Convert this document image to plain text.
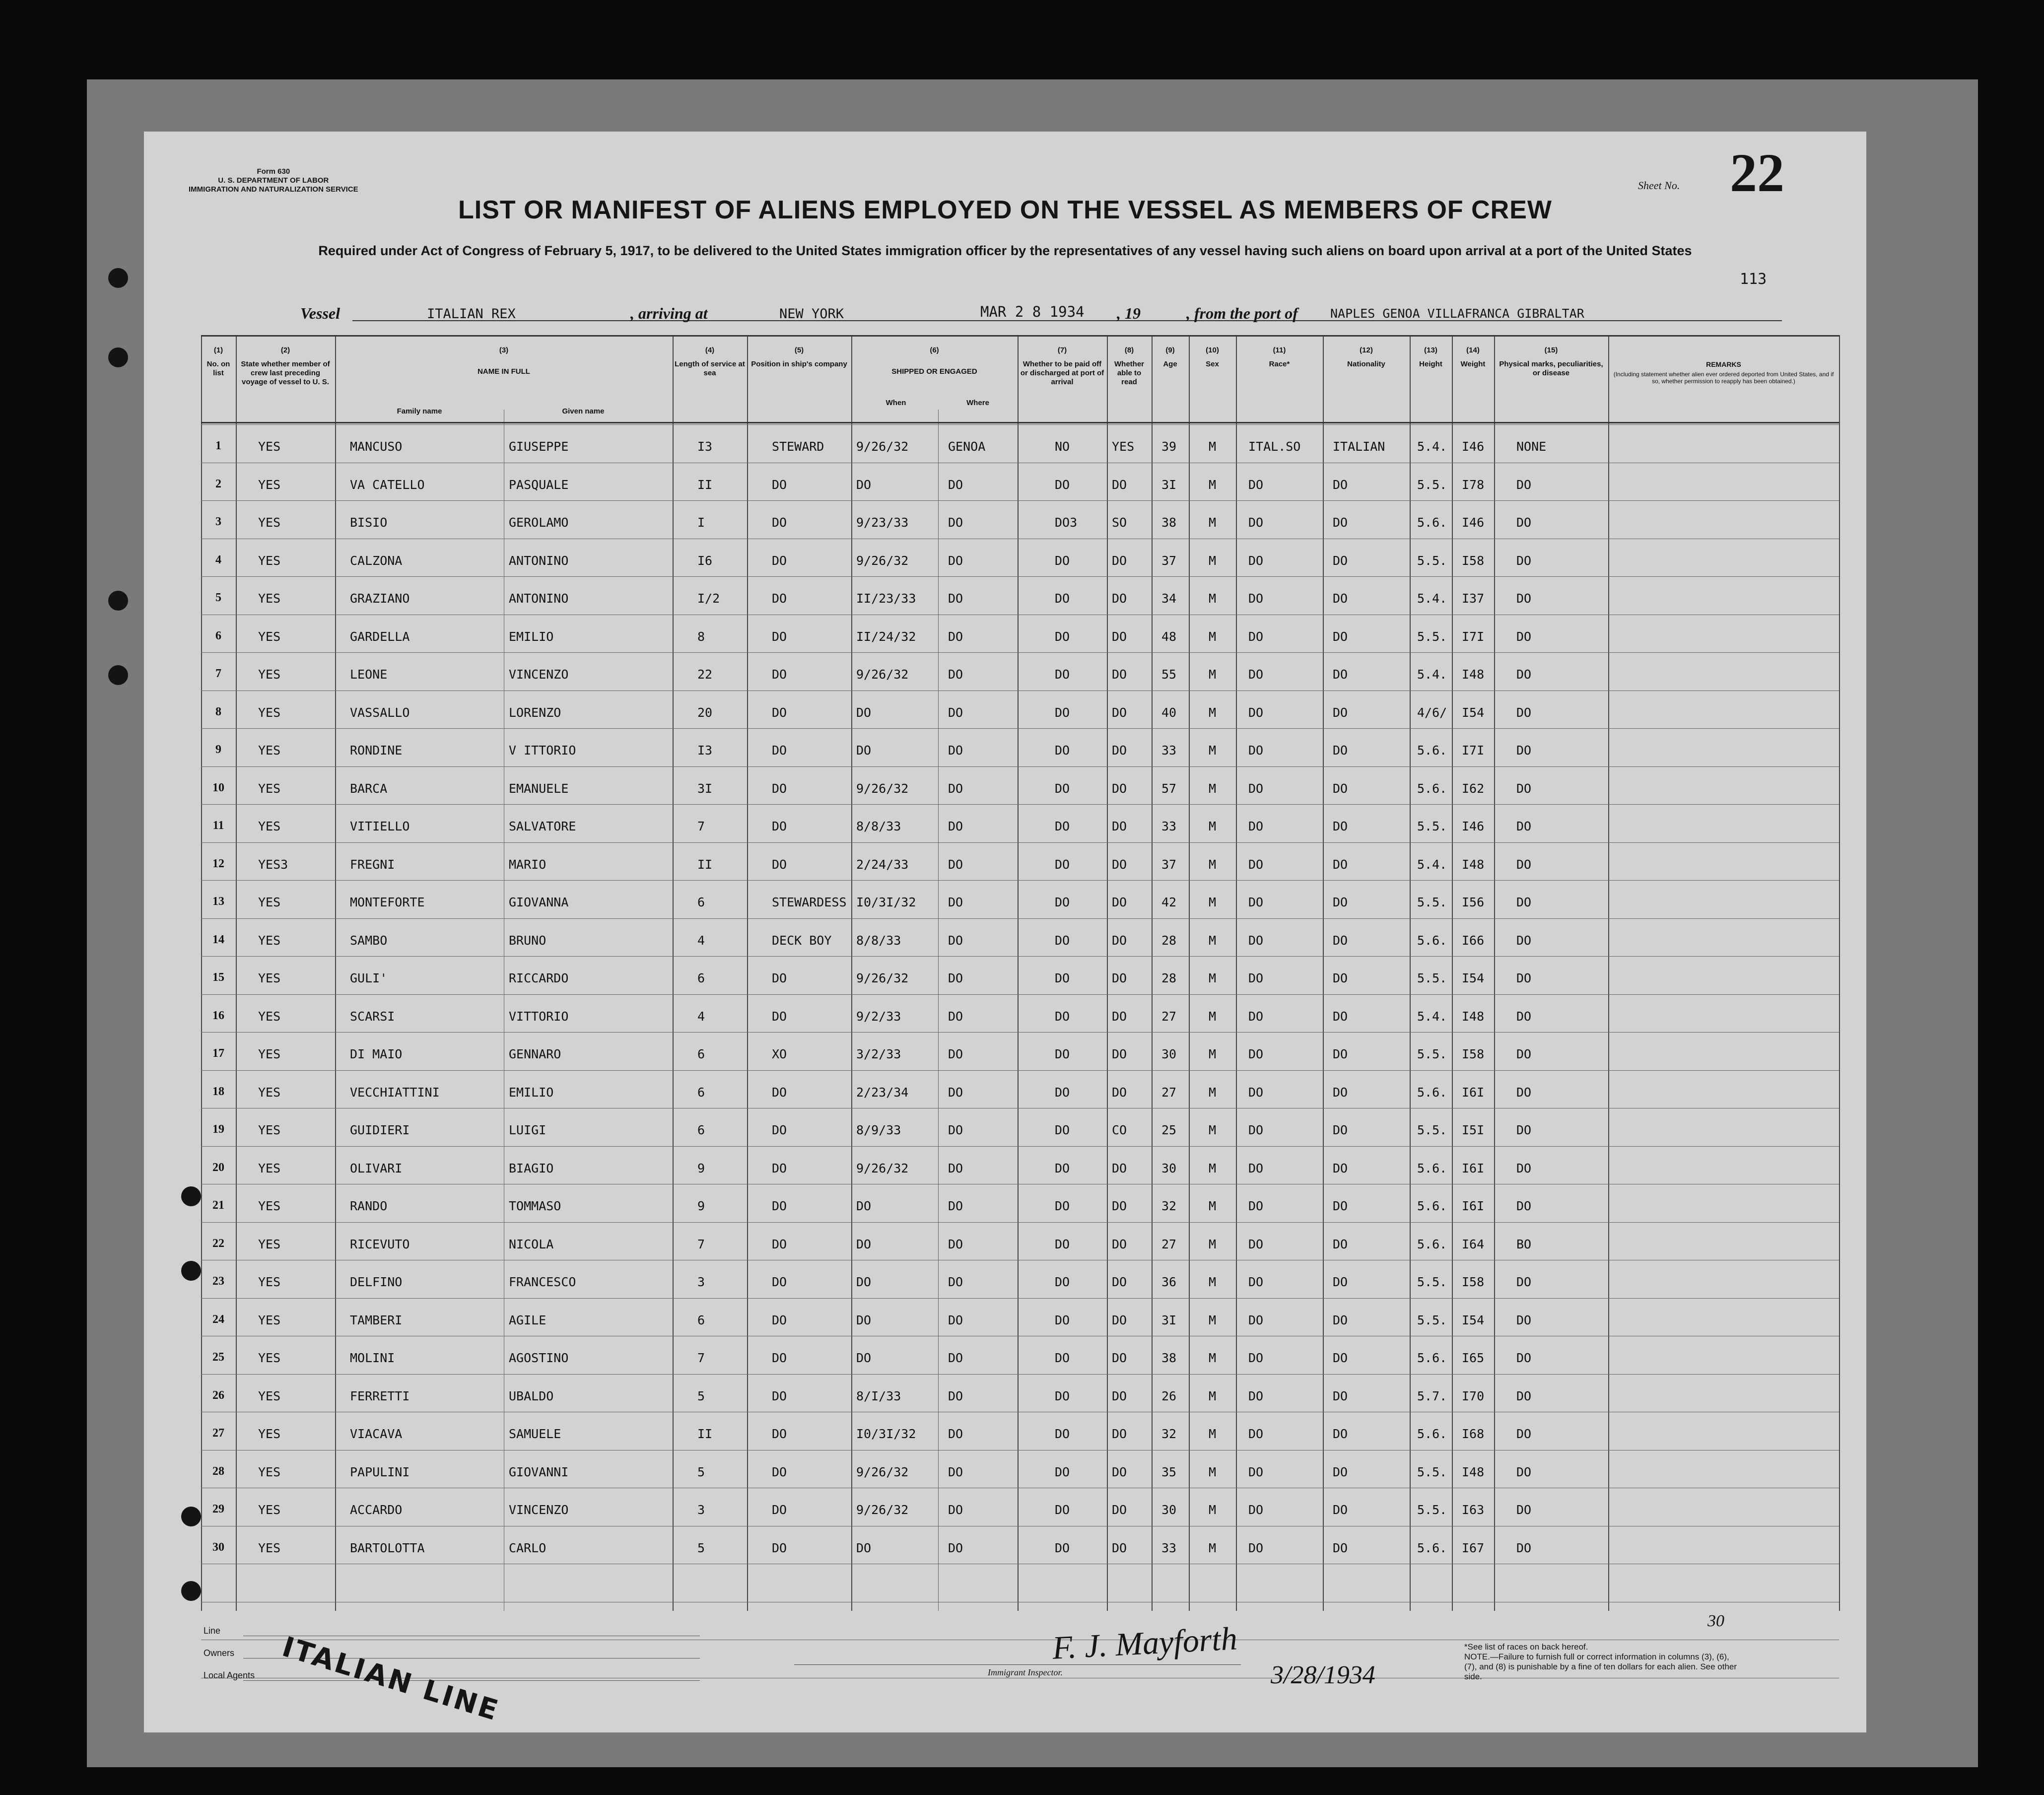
Form 630
U. S. DEPARTMENT OF LABOR
IMMIGRATION AND NATURALIZATION SERVICE	Sheet No. 22
LIST OR MANIFEST OF ALIENS EMPLOYED ON THE VESSEL AS MEMBERS OF CREW
Required under Act of Congress of February 5, 1917, to be delivered to the United States immigration officer by the representatives of any vessel having such aliens on board upon arrival at a port of the United States
113
Vessel	ITALIAN REX	, arriving at	NEW YORK	MAR 2 8 1934 , 19	, from the port of	NAPLES GENOA VILLAFRANCA GIBRALTAR
(1)
No. on list
(2)
State whether member of crew last preceding voyage of vessel to U. S.
(3)
NAME IN FULL
(4)
Length of service at sea
(5)
Position in ship's company
(6)
SHIPPED OR ENGAGED
(7)
Whether to be paid off or discharged at port of arrival
(8)
Whether able to read
(9)
Age
(10)
Sex
(11)
Race*
(12)
Nationality
(13)
Height
(14)
Weight
(15)
Physical marks, peculiarities, or disease
REMARKS
(Including statement whether alien ever ordered deported from United States, and if so, whether permission to reapply has been obtained.)
Family name	Given name
When	Where
1	YES	MANCUSO	GIUSEPPE	I3	STEWARD	9/26/32	GENOA	NO	YES 39	M	ITAL.SO	ITALIAN	5.4. I46	NONE
2	YES	VA CATELLO	PASQUALE	II	DO	DO	DO	DO	DO	3I	M	DO	DO	5.5. I78	DO
3	YES	BISIO	GEROLAMO	I	DO	9/23/33	DO	DO3	SO	38	M	DO	DO	5.6. I46	DO
4	YES	CALZONA	ANTONINO	I6	DO	9/26/32	DO	DO	DO	37	M	DO	DO	5.5. I58	DO
5	YES	GRAZIANO	ANTONINO	I/2	DO	II/23/33	DO	DO	DO	34	M	DO	DO	5.4. I37	DO
6	YES	GARDELLA	EMILIO	8	DO	II/24/32	DO	DO	DO	48	M	DO	DO	5.5. I7I	DO
7	YES	LEONE	VINCENZO	22	DO	9/26/32	DO	DO	DO	55	M	DO	DO	5.4. I48	DO
8	YES	VASSALLO	LORENZO	20	DO	DO	DO	DO	DO	40	M	DO	DO	4/6/ I54	DO
9	YES	RONDINE	V ITTORIO	I3	DO	DO	DO	DO	DO	33	M	DO	DO	5.6. I7I	DO
10	YES	BARCA	EMANUELE	3I	DO	9/26/32	DO	DO	DO	57	M	DO	DO	5.6. I62	DO
11	YES	VITIELLO	SALVATORE	7	DO	8/8/33	DO	DO	DO	33	M	DO	DO	5.5. I46	DO
12	YES3	FREGNI	MARIO	II	DO	2/24/33	DO	DO	DO	37	M	DO	DO	5.4. I48	DO
13	YES	MONTEFORTE	GIOVANNA	6	STEWARDESS I0/3I/32	DO	DO	DO	42	M	DO	DO	5.5. I56	DO
14	YES	SAMBO	BRUNO	4	DECK BOY 8/8/33	DO	DO	DO	28	M	DO	DO	5.6. I66	DO
15	YES	GULI'	RICCARDO	6	DO	9/26/32	DO	DO	DO	28	M	DO	DO	5.5. I54	DO
16	YES	SCARSI	VITTORIO	4	DO	9/2/33	DO	DO	DO	27	M	DO	DO	5.4. I48	DO
17	YES	DI MAIO	GENNARO	6	XO	3/2/33	DO	DO	DO	30	M	DO	DO	5.5. I58	DO
18	YES	VECCHIATTINI	EMILIO	6	DO	2/23/34	DO	DO	DO	27	M	DO	DO	5.6. I6I	DO
19	YES	GUIDIERI	LUIGI	6	DO	8/9/33	DO	DO	CO	25	M	DO	DO	5.5. I5I	DO
20	YES	OLIVARI	BIAGIO	9	DO	9/26/32	DO	DO	DO	30	M	DO	DO	5.6. I6I	DO
21	YES	RANDO	TOMMASO	9	DO	DO	DO	DO	DO	32	M	DO	DO	5.6. I6I	DO
22	YES	RICEVUTO	NICOLA	7	DO	DO	DO	DO	DO	27	M	DO	DO	5.6. I64	BO
23	YES	DELFINO	FRANCESCO	3	DO	DO	DO	DO	DO	36	M	DO	DO	5.5. I58	DO
24	YES	TAMBERI	AGILE	6	DO	DO	DO	DO	DO	3I	M	DO	DO	5.5. I54	DO
25	YES	MOLINI	AGOSTINO	7	DO	DO	DO	DO	DO	38	M	DO	DO	5.6. I65	DO
26	YES	FERRETTI	UBALDO	5	DO	8/I/33	DO	DO	DO	26	M	DO	DO	5.7. I70	DO
27	YES	VIACAVA	SAMUELE	II	DO	I0/3I/32	DO	DO	DO	32	M	DO	DO	5.6. I68	DO
28	YES	PAPULINI	GIOVANNI	5	DO	9/26/32	DO	DO	DO	35	M	DO	DO	5.5. I48	DO
29	YES	ACCARDO	VINCENZO	3	DO	9/26/32	DO	DO	DO	30	M	DO	DO	5.5. I63	DO
30	YES	BARTOLOTTA	CARLO	5	DO	DO	DO	DO	DO	33	M	DO	DO	5.6. I67	DO
Line
Owners
Local Agents ITALIAN LINE	F. J. Mayforth
Immigrant Inspector.	3/28/1934
30
*See list of races on back hereof.
NOTE.—Failure to furnish full or correct information in columns (3), (6), (7), and (8) is punishable by a fine of ten dollars for each alien. See other side.
